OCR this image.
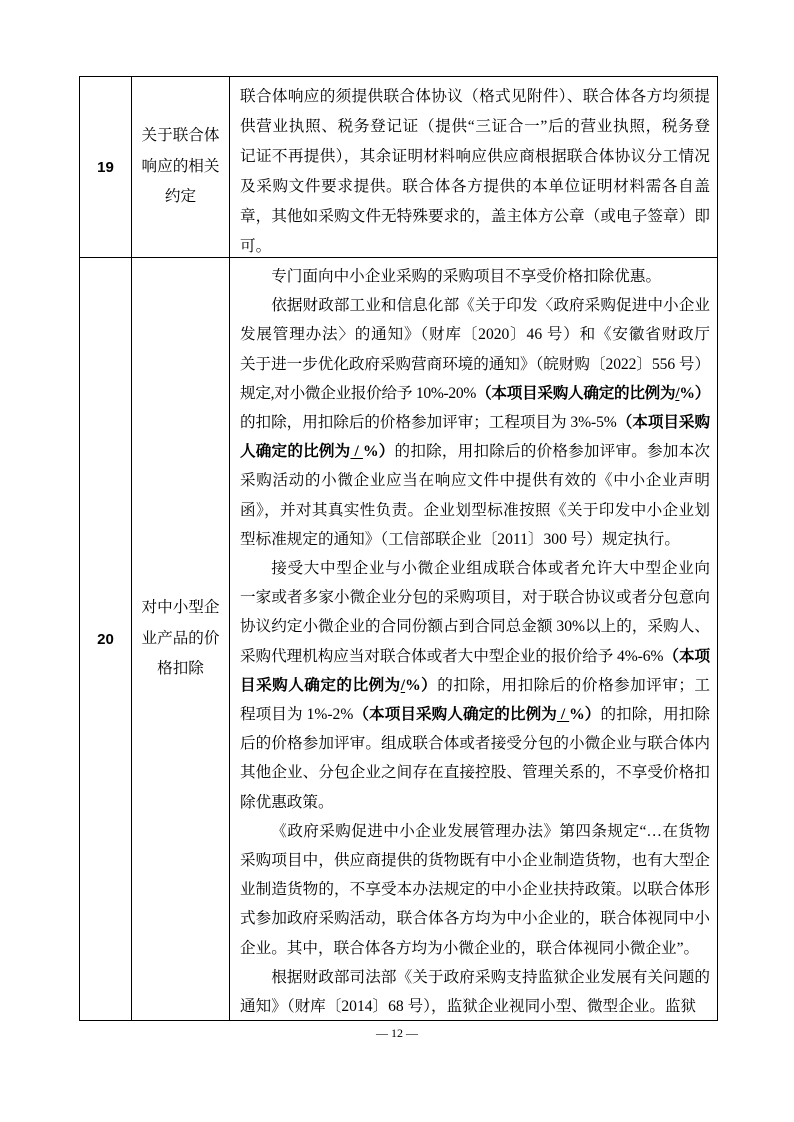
19
关于联合体
响应的相关
约定
联合体响应的须提供联合体协议（格式见附件）、联合体各方均须提
供营业执照、税务登记证（提供“三证合一”后的营业执照，税务登
记证不再提供），其余证明材料响应供应商根据联合体协议分工情况
及采购文件要求提供。联合体各方提供的本单位证明材料需各自盖
章，其他如采购文件无特殊要求的，盖主体方公章（或电子签章）即
可。
20
对中小型企
业产品的价
格扣除
专门面向中小企业采购的采购项目不享受价格扣除优惠。
依据财政部工业和信息化部《关于印发〈政府采购促进中小企业
发展管理办法〉的通知》（财库〔2020〕46 号）和《安徽省财政厅
关于进一步优化政府采购营商环境的通知》（皖财购〔2022〕556 号）
规定,对小微企业报价给予 10%-20%（本项目采购人确定的比例为/%）
的扣除，用扣除后的价格参加评审；工程项目为 3%-5%（本项目采购
人确定的比例为 / %）的扣除，用扣除后的价格参加评审。参加本次
采购活动的小微企业应当在响应文件中提供有效的《中小企业声明
函》，并对其真实性负责。企业划型标准按照《关于印发中小企业划
型标准规定的通知》（工信部联企业〔2011〕300 号）规定执行。
接受大中型企业与小微企业组成联合体或者允许大中型企业向
一家或者多家小微企业分包的采购项目，对于联合协议或者分包意向
协议约定小微企业的合同份额占到合同总金额 30%以上的，采购人、
采购代理机构应当对联合体或者大中型企业的报价给予 4%-6%（本项
目采购人确定的比例为/%）的扣除，用扣除后的价格参加评审；工
程项目为 1%-2%（本项目采购人确定的比例为 / %）的扣除，用扣除
后的价格参加评审。组成联合体或者接受分包的小微企业与联合体内
其他企业、分包企业之间存在直接控股、管理关系的，不享受价格扣
除优惠政策。
《政府采购促进中小企业发展管理办法》第四条规定“…在货物
采购项目中，供应商提供的货物既有中小企业制造货物，也有大型企
业制造货物的，不享受本办法规定的中小企业扶持政策。以联合体形
式参加政府采购活动，联合体各方均为中小企业的，联合体视同中小
企业。其中，联合体各方均为小微企业的，联合体视同小微企业”。
根据财政部司法部《关于政府采购支持监狱企业发展有关问题的
通知》（财库〔2014〕68 号），监狱企业视同小型、微型企业。监狱
— 12 —
